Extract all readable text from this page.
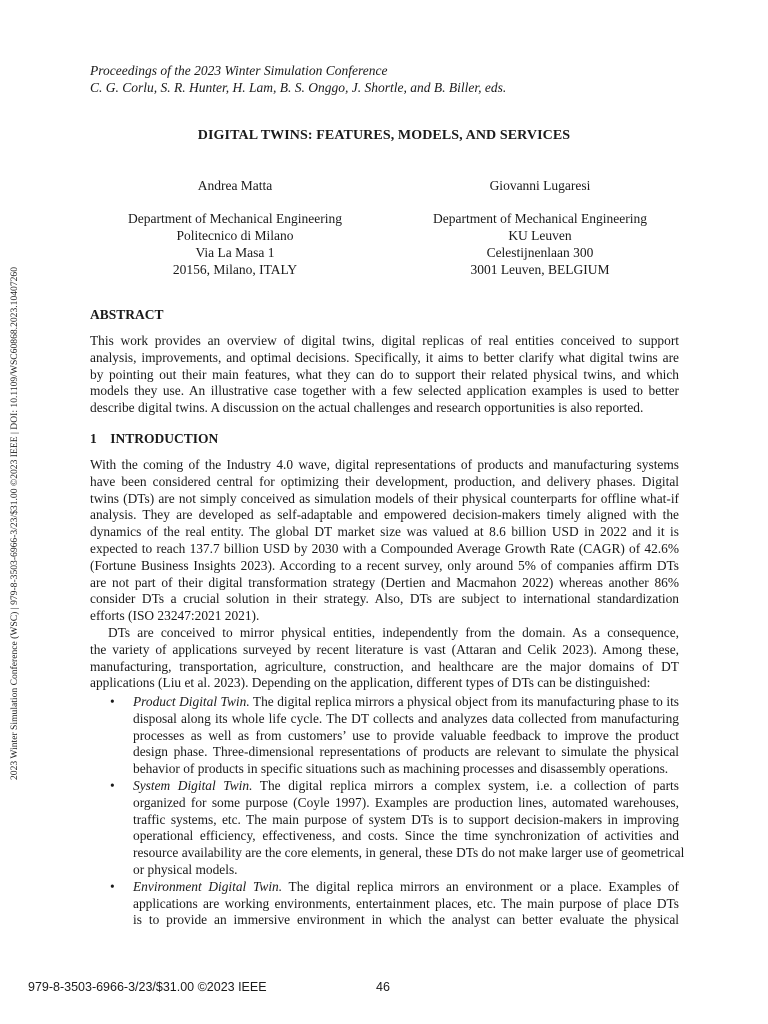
Proceedings of the 2023 Winter Simulation Conference
C. G. Corlu, S. R. Hunter, H. Lam, B. S. Onggo, J. Shortle, and B. Biller, eds.
DIGITAL TWINS: FEATURES, MODELS, AND SERVICES
Andrea Matta	Giovanni Lugaresi
Department of Mechanical Engineering
Politecnico di Milano
Via La Masa 1
20156, Milano, ITALY
Department of Mechanical Engineering
KU Leuven
Celestijnenlaan 300
3001 Leuven, BELGIUM
ABSTRACT
This work provides an overview of digital twins, digital replicas of real entities conceived to support
analysis, improvements, and optimal decisions. Specifically, it aims to better clarify what digital twins are
by pointing out their main features, what they can do to support their related physical twins, and which
models they use. An illustrative case together with a few selected application examples is used to better
describe digital twins. A discussion on the actual challenges and research opportunities is also reported.
1    INTRODUCTION
With the coming of the Industry 4.0 wave, digital representations of products and manufacturing systems
have been considered central for optimizing their development, production, and delivery phases. Digital
twins (DTs) are not simply conceived as simulation models of their physical counterparts for offline what-if
analysis. They are developed as self-adaptable and empowered decision-makers timely aligned with the
dynamics of the real entity. The global DT market size was valued at 8.6 billion USD in 2022 and it is
expected to reach 137.7 billion USD by 2030 with a Compounded Average Growth Rate (CAGR) of 42.6%
(Fortune Business Insights 2023). According to a recent survey, only around 5% of companies affirm DTs
are not part of their digital transformation strategy (Dertien and Macmahon 2022) whereas another 86%
consider DTs a crucial solution in their strategy. Also, DTs are subject to international standardization
efforts (ISO 23247:2021 2021).
DTs are conceived to mirror physical entities, independently from the domain. As a consequence,
the variety of applications surveyed by recent literature is vast (Attaran and Celik 2023). Among these,
manufacturing, transportation, agriculture, construction, and healthcare are the major domains of DT
applications (Liu et al. 2023). Depending on the application, different types of DTs can be distinguished:
• Product Digital Twin. The digital replica mirrors a physical object from its manufacturing phase to its
disposal along its whole life cycle. The DT collects and analyzes data collected from manufacturing
processes as well as from customers’ use to provide valuable feedback to improve the product
design phase. Three-dimensional representations of products are relevant to simulate the physical
behavior of products in specific situations such as machining processes and disassembly operations.
• System Digital Twin. The digital replica mirrors a complex system, i.e. a collection of parts
organized for some purpose (Coyle 1997). Examples are production lines, automated warehouses,
traffic systems, etc. The main purpose of system DTs is to support decision-makers in improving
operational efficiency, effectiveness, and costs. Since the time synchronization of activities and
resource availability are the core elements, in general, these DTs do not make larger use of geometrical
or physical models.
• Environment Digital Twin. The digital replica mirrors an environment or a place. Examples of
applications are working environments, entertainment places, etc. The main purpose of place DTs
is to provide an immersive environment in which the analyst can better evaluate the physical
2023 Winter Simulation Conference (WSC) | 979-8-3503-6966-3/23/$31.00 ©2023 IEEE | DOI: 10.1109/WSC60868.2023.10407260
979-8-3503-6966-3/23/$31.00 ©2023 IEEE	46
